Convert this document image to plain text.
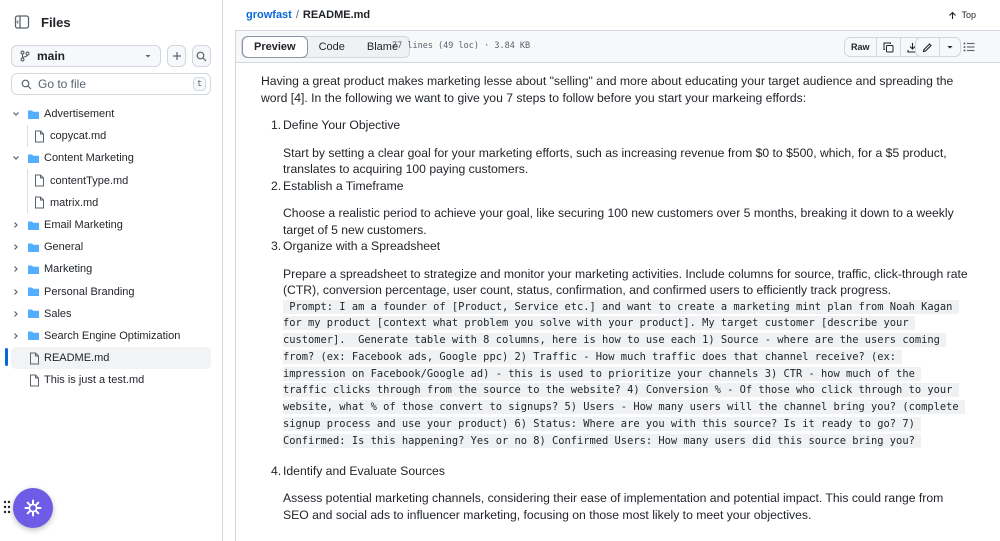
Files
main
Go to file
t
Advertisement
copycat.md
Content Marketing
contentType.md
matrix.md
Email Marketing
General
Marketing
Personal Branding
Sales
Search Engine Optimization
README.md
This is just a test.md
growfast / README.md	Top
Preview	Code	Blame
77 lines (49 loc) · 3.84 KB	Raw

Having a great product makes marketing lesse about "selling" and more about educating your target audience and spreading the word [4]. In the following we want to give you 7 steps to follow before you start your markeing effords:

1. Define Your Objective

Start by setting a clear goal for your marketing efforts, such as increasing revenue from $0 to $500, which, for a $5 product, translates to acquiring 100 paying customers.

2. Establish a Timeframe

Choose a realistic period to achieve your goal, like securing 100 new customers over 5 months, breaking it down to a weekly target of 5 new customers.

3. Organize with a Spreadsheet

Prepare a spreadsheet to strategize and monitor your marketing activities. Include columns for source, traffic, click-through rate (CTR), conversion percentage, user count, status, confirmation, and confirmed users to efficiently track progress.

Prompt: I am a founder of [Product, Service etc.] and want to create a marketing mint plan from Noah Kagan for my product [context what problem you solve with your product]. My target customer [describe your customer].  Generate table with 8 columns, here is how to use each 1) Source - where are the users coming from? (ex: Facebook ads, Google ppc) 2) Traffic - How much traffic does that channel receive? (ex: impression on Facebook/Google ad) - this is used to prioritize your channels 3) CTR - how much of the traffic clicks through from the source to the website? 4) Conversion % - Of those who click through to your website, what % of those convert to signups? 5) Users - How many users will the channel bring you? (complete signup process and use your product) 6) Status: Where are you with this source? Is it ready to go? 7) Confirmed: Is this happening? Yes or no 8) Confirmed Users: How many users did this source bring you?
4. Identify and Evaluate Sources

Assess potential marketing channels, considering their ease of implementation and potential impact. This could range from SEO and social ads to influencer marketing, focusing on those most likely to meet your objectives.
